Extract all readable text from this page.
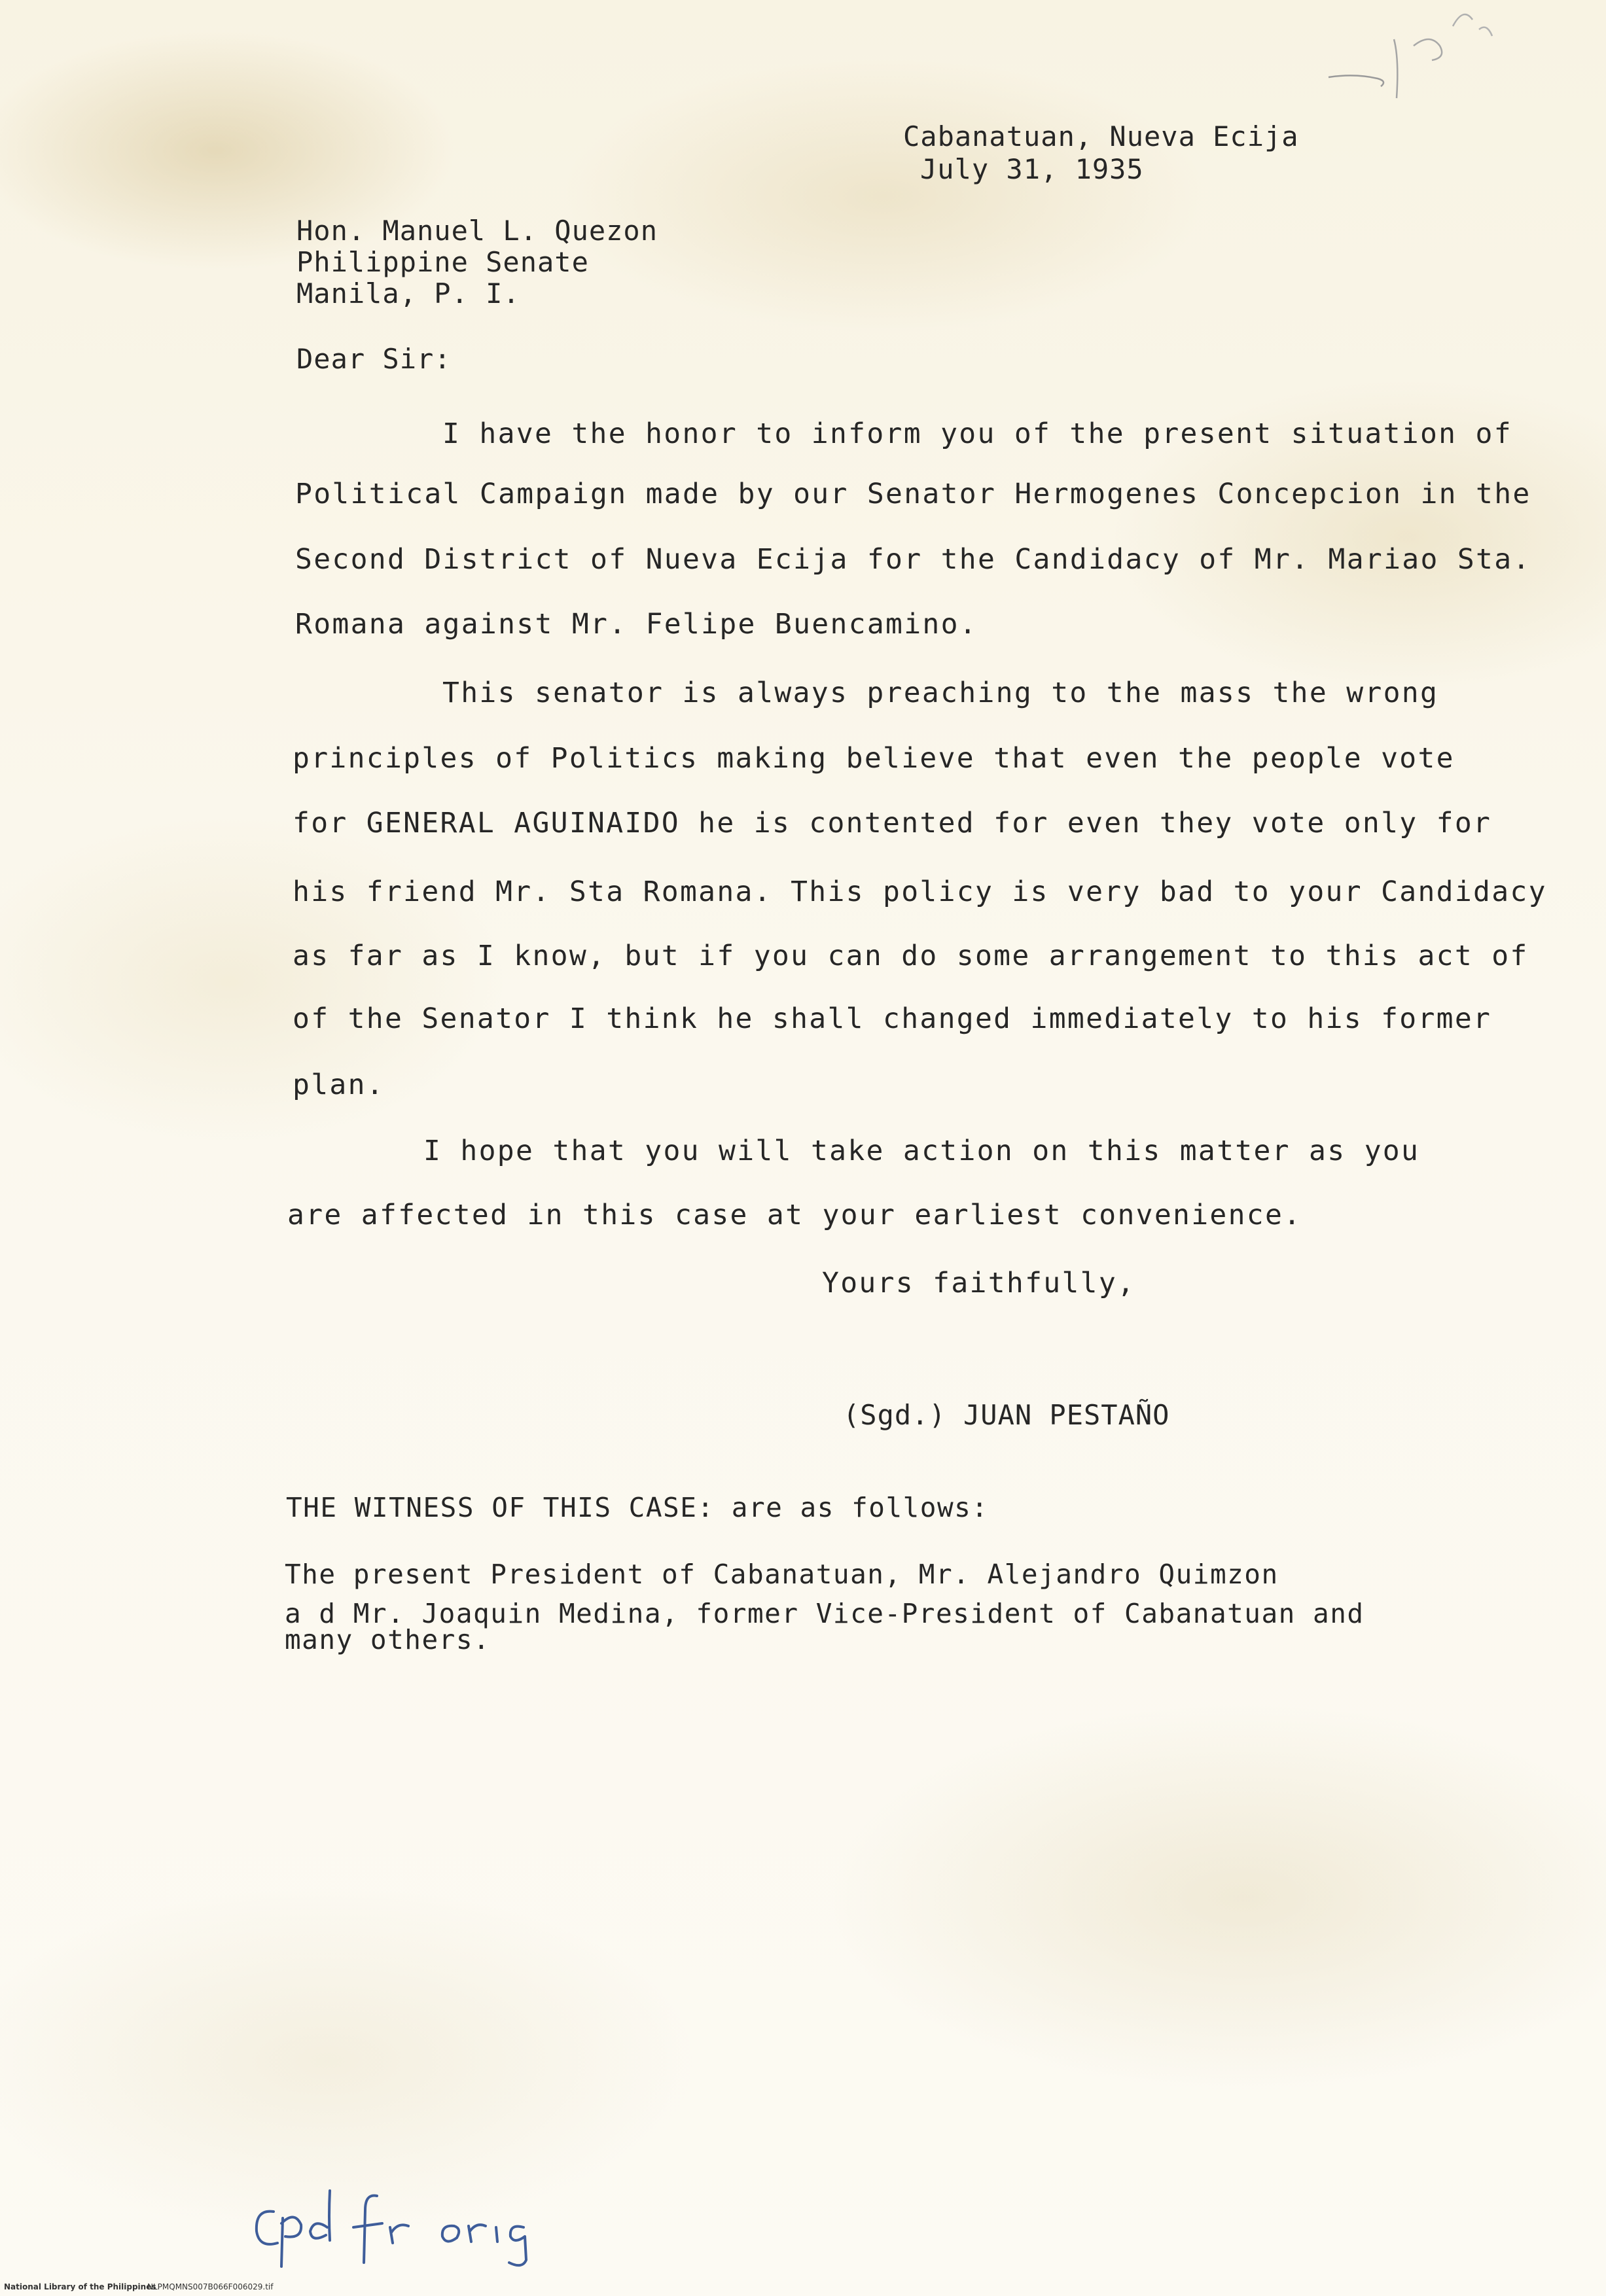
Cabanatuan, Nueva Ecija
July 31, 1935
Hon. Manuel L. Quezon
Philippine Senate
Manila, P. I.
Dear Sir:
I have the honor to inform you of the present situation of
Political Campaign made by our Senator Hermogenes Concepcion in the
Second District of Nueva Ecija for the Candidacy of Mr. Mariao Sta.
Romana against Mr. Felipe Buencamino.
This senator is always preaching to the mass the wrong
principles of Politics making believe that even the people vote
for GENERAL AGUINAIDO he is contented for even they vote only for
his friend Mr. Sta Romana. This policy is very bad to your Candidacy
as far as I know, but if you can do some arrangement to this act of
of the Senator I think he shall changed immediately to his former
plan.
I hope that you will take action on this matter as you
are affected in this case at your earliest convenience.
Yours faithfully,
(Sgd.) JUAN PESTAÑO
THE WITNESS OF THIS CASE: are as follows:
The present President of Cabanatuan, Mr. Alejandro Quimzon
a d Mr. Joaquin Medina, former Vice-President of Cabanatuan and
many others.
National Library of the Philippines
NLPMQMNS007B066F006029.tif
